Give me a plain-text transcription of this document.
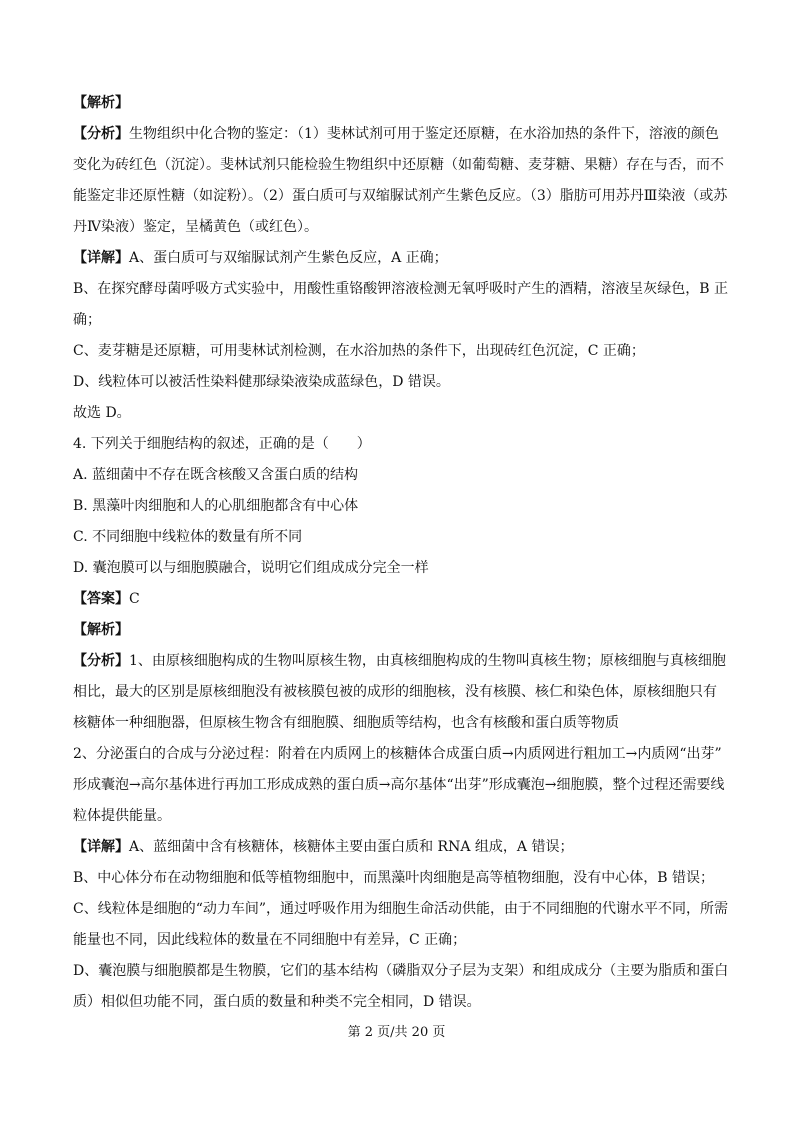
【解析】
【分析】生物组织中化合物的鉴定：（1）斐林试剂可用于鉴定还原糖，在水浴加热的条件下，溶液的颜色
变化为砖红色（沉淀）。斐林试剂只能检验生物组织中还原糖（如葡萄糖、麦芽糖、果糖）存在与否，而不
能鉴定非还原性糖（如淀粉）。（2）蛋白质可与双缩脲试剂产生紫色反应。（3）脂肪可用苏丹Ⅲ染液（或苏
丹Ⅳ染液）鉴定，呈橘黄色（或红色）。
【详解】A、蛋白质可与双缩脲试剂产生紫色反应，A 正确；
B、在探究酵母菌呼吸方式实验中，用酸性重铬酸钾溶液检测无氧呼吸时产生的酒精，溶液呈灰绿色，B 正
确；
C、麦芽糖是还原糖，可用斐林试剂检测，在水浴加热的条件下，出现砖红色沉淀，C 正确；
D、线粒体可以被活性染料健那绿染液染成蓝绿色，D 错误。
故选 D。
4. 下列关于细胞结构的叙述，正确的是（　　）
A. 蓝细菌中不存在既含核酸又含蛋白质的结构
B. 黑藻叶肉细胞和人的心肌细胞都含有中心体
C. 不同细胞中线粒体的数量有所不同
D. 囊泡膜可以与细胞膜融合，说明它们组成成分完全一样
【答案】C
【解析】
【分析】1、由原核细胞构成的生物叫原核生物，由真核细胞构成的生物叫真核生物；原核细胞与真核细胞
相比，最大的区别是原核细胞没有被核膜包被的成形的细胞核，没有核膜、核仁和染色体，原核细胞只有
核糖体一种细胞器，但原核生物含有细胞膜、细胞质等结构，也含有核酸和蛋白质等物质
2、分泌蛋白的合成与分泌过程：附着在内质网上的核糖体合成蛋白质→内质网进行粗加工→内质网“出芽”
形成囊泡→高尔基体进行再加工形成成熟的蛋白质→高尔基体“出芽”形成囊泡→细胞膜，整个过程还需要线
粒体提供能量。
【详解】A、蓝细菌中含有核糖体，核糖体主要由蛋白质和 RNA 组成，A 错误；
B、中心体分布在动物细胞和低等植物细胞中，而黑藻叶肉细胞是高等植物细胞，没有中心体，B 错误；
C、线粒体是细胞的“动力车间”，通过呼吸作用为细胞生命活动供能，由于不同细胞的代谢水平不同，所需
能量也不同，因此线粒体的数量在不同细胞中有差异，C 正确；
D、囊泡膜与细胞膜都是生物膜，它们的基本结构（磷脂双分子层为支架）和组成成分（主要为脂质和蛋白
质）相似但功能不同，蛋白质的数量和种类不完全相同，D 错误。
第 2 页/共 20 页
